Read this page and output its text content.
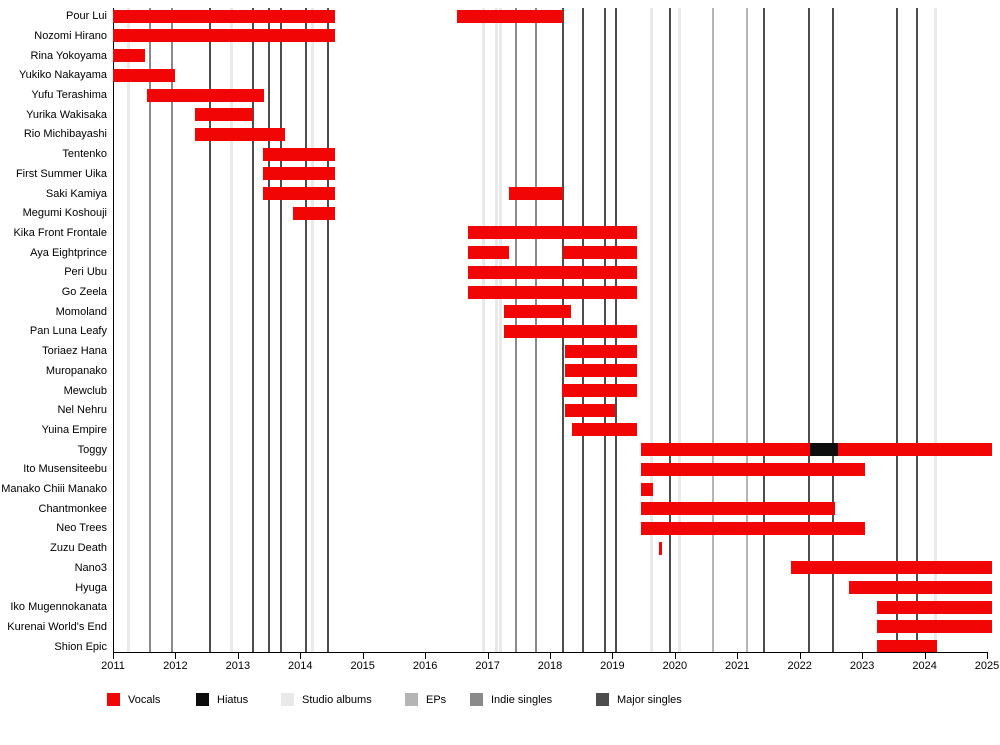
Pour Lui
Nozomi Hirano
Rina Yokoyama
Yukiko Nakayama
Yufu Terashima
Yurika Wakisaka
Rio Michibayashi
Tentenko
First Summer Uika
Saki Kamiya
Megumi Koshouji
Kika Front Frontale
Aya Eightprince
Peri Ubu
Go Zeela
Momoland
Pan Luna Leafy
Toriaez Hana
Muropanako
Mewclub
Nel Nehru
Yuina Empire
Toggy
Ito Musensiteebu
Manako Chiii Manako
Chantmonkee
Neo Trees
Zuzu Death
Nano3
Hyuga
Iko Mugennokanata
Kurenai World's End
Shion Epic
2011	2012	2013	2014	2015	2016	2017	2018	2019	2020	2021	2022	2023	2024	2025
Vocals	Hiatus	Studio albums	EPs	Indie singles	Major singles
